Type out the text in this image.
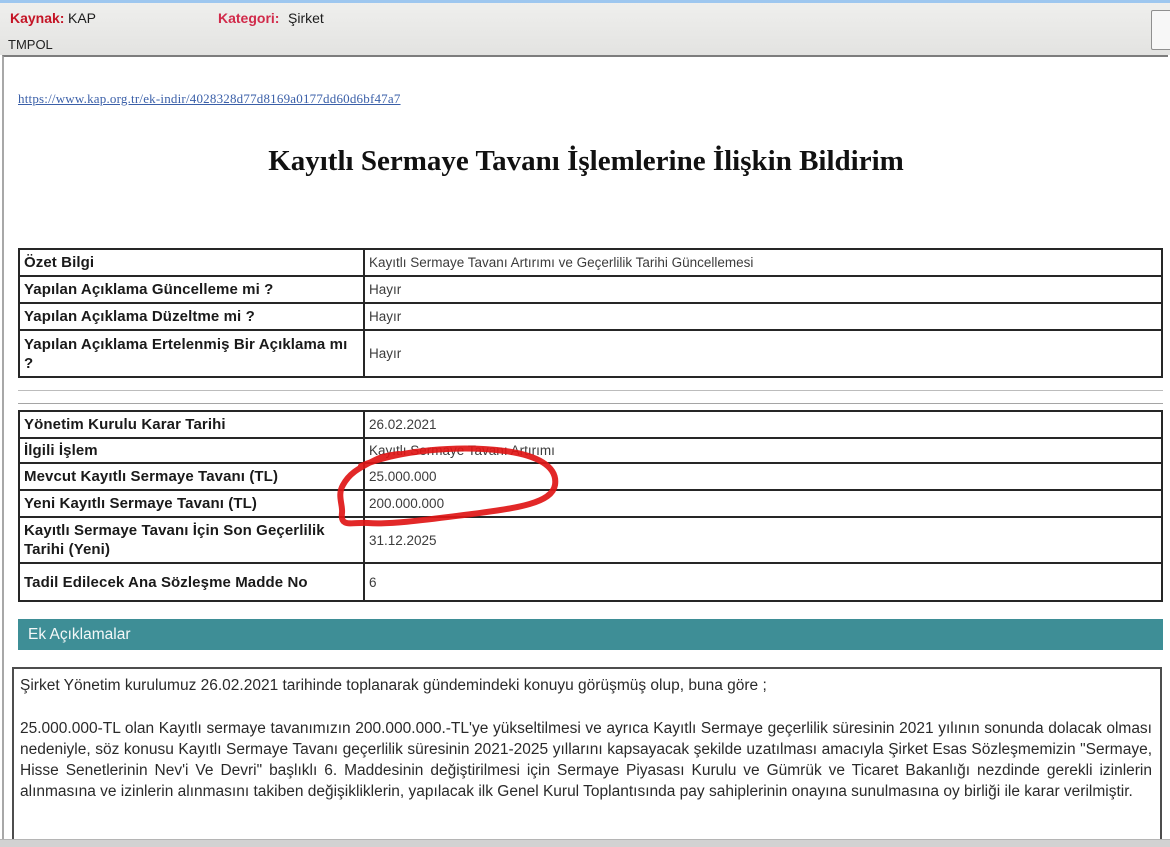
Kaynak: KAP	Kategori: Şirket
TMPOL
https://www.kap.org.tr/ek-indir/4028328d77d8169a0177dd60d6bf47a7
Kayıtlı Sermaye Tavanı İşlemlerine İlişkin Bildirim
Özet Bilgi	Kayıtlı Sermaye Tavanı Artırımı ve Geçerlilik Tarihi Güncellemesi
Yapılan Açıklama Güncelleme mi ?	Hayır
Yapılan Açıklama Düzeltme mi ?	Hayır
Yapılan Açıklama Ertelenmiş Bir Açıklama mı ?	Hayır
Yönetim Kurulu Karar Tarihi	26.02.2021
İlgili İşlem	Kayıtlı Sermaye Tavanı Artırımı
Mevcut Kayıtlı Sermaye Tavanı (TL)	25.000.000
Yeni Kayıtlı Sermaye Tavanı (TL)	200.000.000
Kayıtlı Sermaye Tavanı İçin Son Geçerlilik Tarihi (Yeni)	31.12.2025
Tadil Edilecek Ana Sözleşme Madde No	6
Ek Açıklamalar

Şirket Yönetim kurulumuz 26.02.2021 tarihinde toplanarak gündemindeki konuyu görüşmüş olup, buna göre ;

25.000.000-TL olan Kayıtlı sermaye tavanımızın 200.000.000.-TL'ye yükseltilmesi ve ayrıca Kayıtlı Sermaye geçerlilik süresinin 2021 yılının sonunda dolacak olması nedeniyle, söz konusu Kayıtlı Sermaye Tavanı geçerlilik süresinin 2021-2025 yıllarını kapsayacak şekilde uzatılması amacıyla Şirket Esas Sözleşmemizin "Sermaye, Hisse Senetlerinin Nev'i Ve Devri" başlıklı 6. Maddesinin değiştirilmesi için Sermaye Piyasası Kurulu ve Gümrük ve Ticaret Bakanlığı nezdinde gerekli izinlerin alınmasına ve izinlerin alınmasını takiben değişikliklerin, yapılacak ilk Genel Kurul Toplantısında pay sahiplerinin onayına sunulmasına oy birliği ile karar verilmiştir.
